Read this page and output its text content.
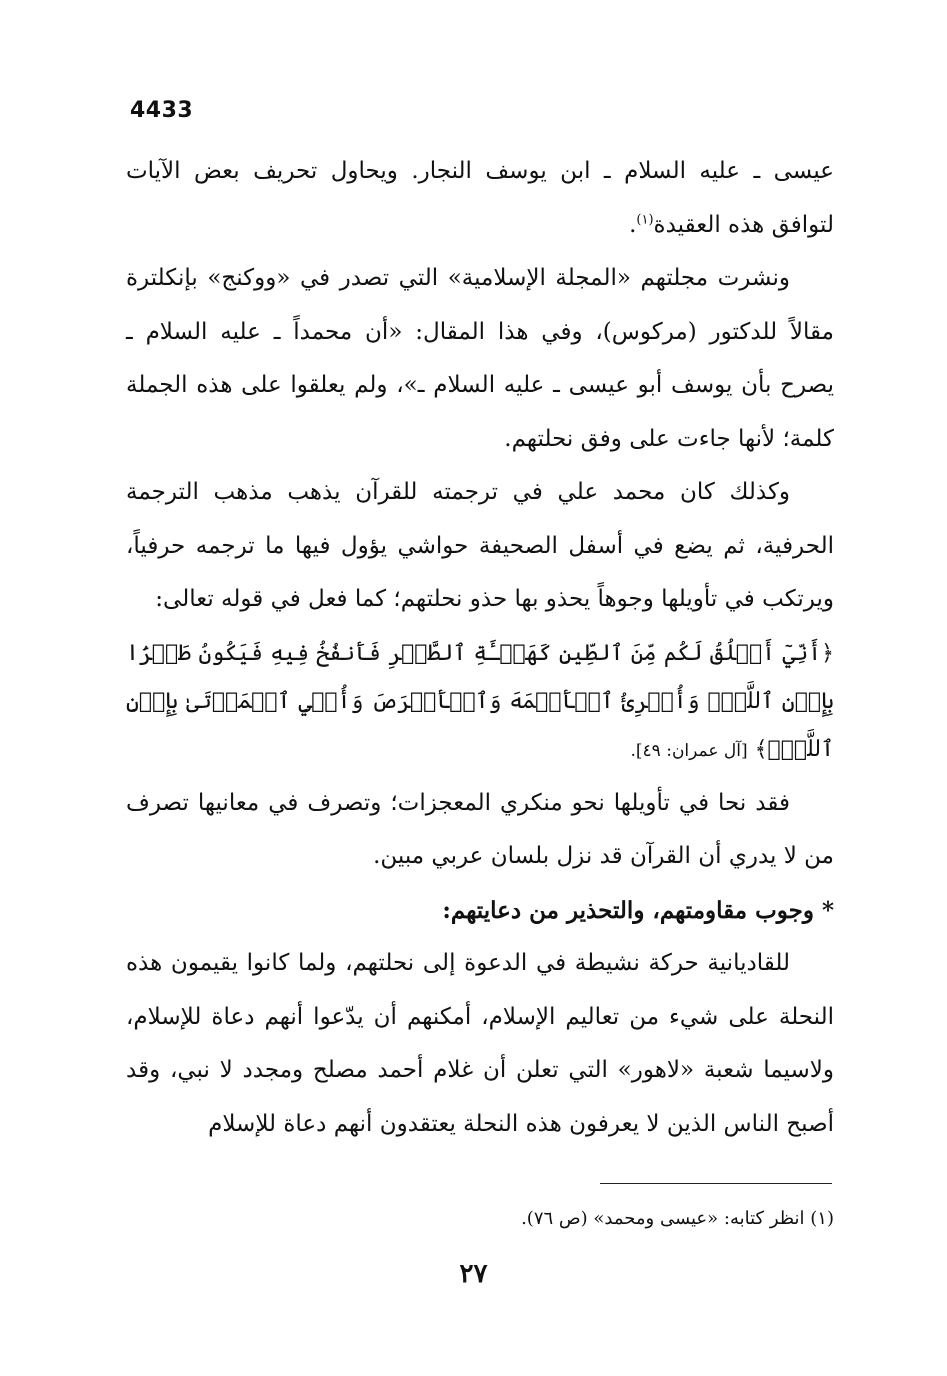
4433

عيسى ـ عليه السلام ـ ابن يوسف النجار. ويحاول تحريف بعض الآيات لتوافق هذه العقيدة$^{(١)}$.

ونشرت مجلتهم «المجلة الإسلامية» التي تصدر في «ووكنج» بإنكلترة مقالاً للدكتور (مركوس)، وفي هذا المقال: «أن محمداً ـ عليه السلام ـ يصرح بأن يوسف أبو عيسى ـ عليه السلام ـ»، ولم يعلقوا على هذه الجملة كلمة؛ لأنها جاءت على وفق نحلتهم.

وكذلك كان محمد علي في ترجمته للقرآن يذهب مذهب الترجمة الحرفية، ثم يضع في أسفل الصحيفة حواشي يؤول فيها ما ترجمه حرفياً، ويرتكب في تأويلها وجوهاً يحذو بها حذو نحلتهم؛ كما فعل في قوله تعالى:

﴿أَنِّيٓ أَخۡلُقُ لَكُم مِّنَ ٱلطِّينِ كَهَيۡـَٔةِ ٱلطَّيۡرِ فَأَنفُخُ فِيهِ فَيَكُونُ طَيۡرَۢا بِإِذۡنِ ٱللَّهِۖ وَأُبۡرِئُ ٱلۡأَكۡمَهَ وَٱلۡأَبۡرَصَ وَأُحۡيِ ٱلۡمَوۡتَىٰ بِإِذۡنِ ٱللَّهِۖ﴾ [آل عمران: ٤٩].

فقد نحا في تأويلها نحو منكري المعجزات؛ وتصرف في معانيها تصرف من لا يدري أن القرآن قد نزل بلسان عربي مبين.

* وجوب مقاومتهم، والتحذير من دعايتهم:

للقاديانية حركة نشيطة في الدعوة إلى نحلتهم، ولما كانوا يقيمون هذه النحلة على شيء من تعاليم الإسلام، أمكنهم أن يدّعوا أنهم دعاة للإسلام، ولاسيما شعبة «لاهور» التي تعلن أن غلام أحمد مصلح ومجدد لا نبي، وقد أصبح الناس الذين لا يعرفون هذه النحلة يعتقدون أنهم دعاة للإسلام

(١) انظر كتابه: «عيسى ومحمد» (ص ٧٦).
٢٧
